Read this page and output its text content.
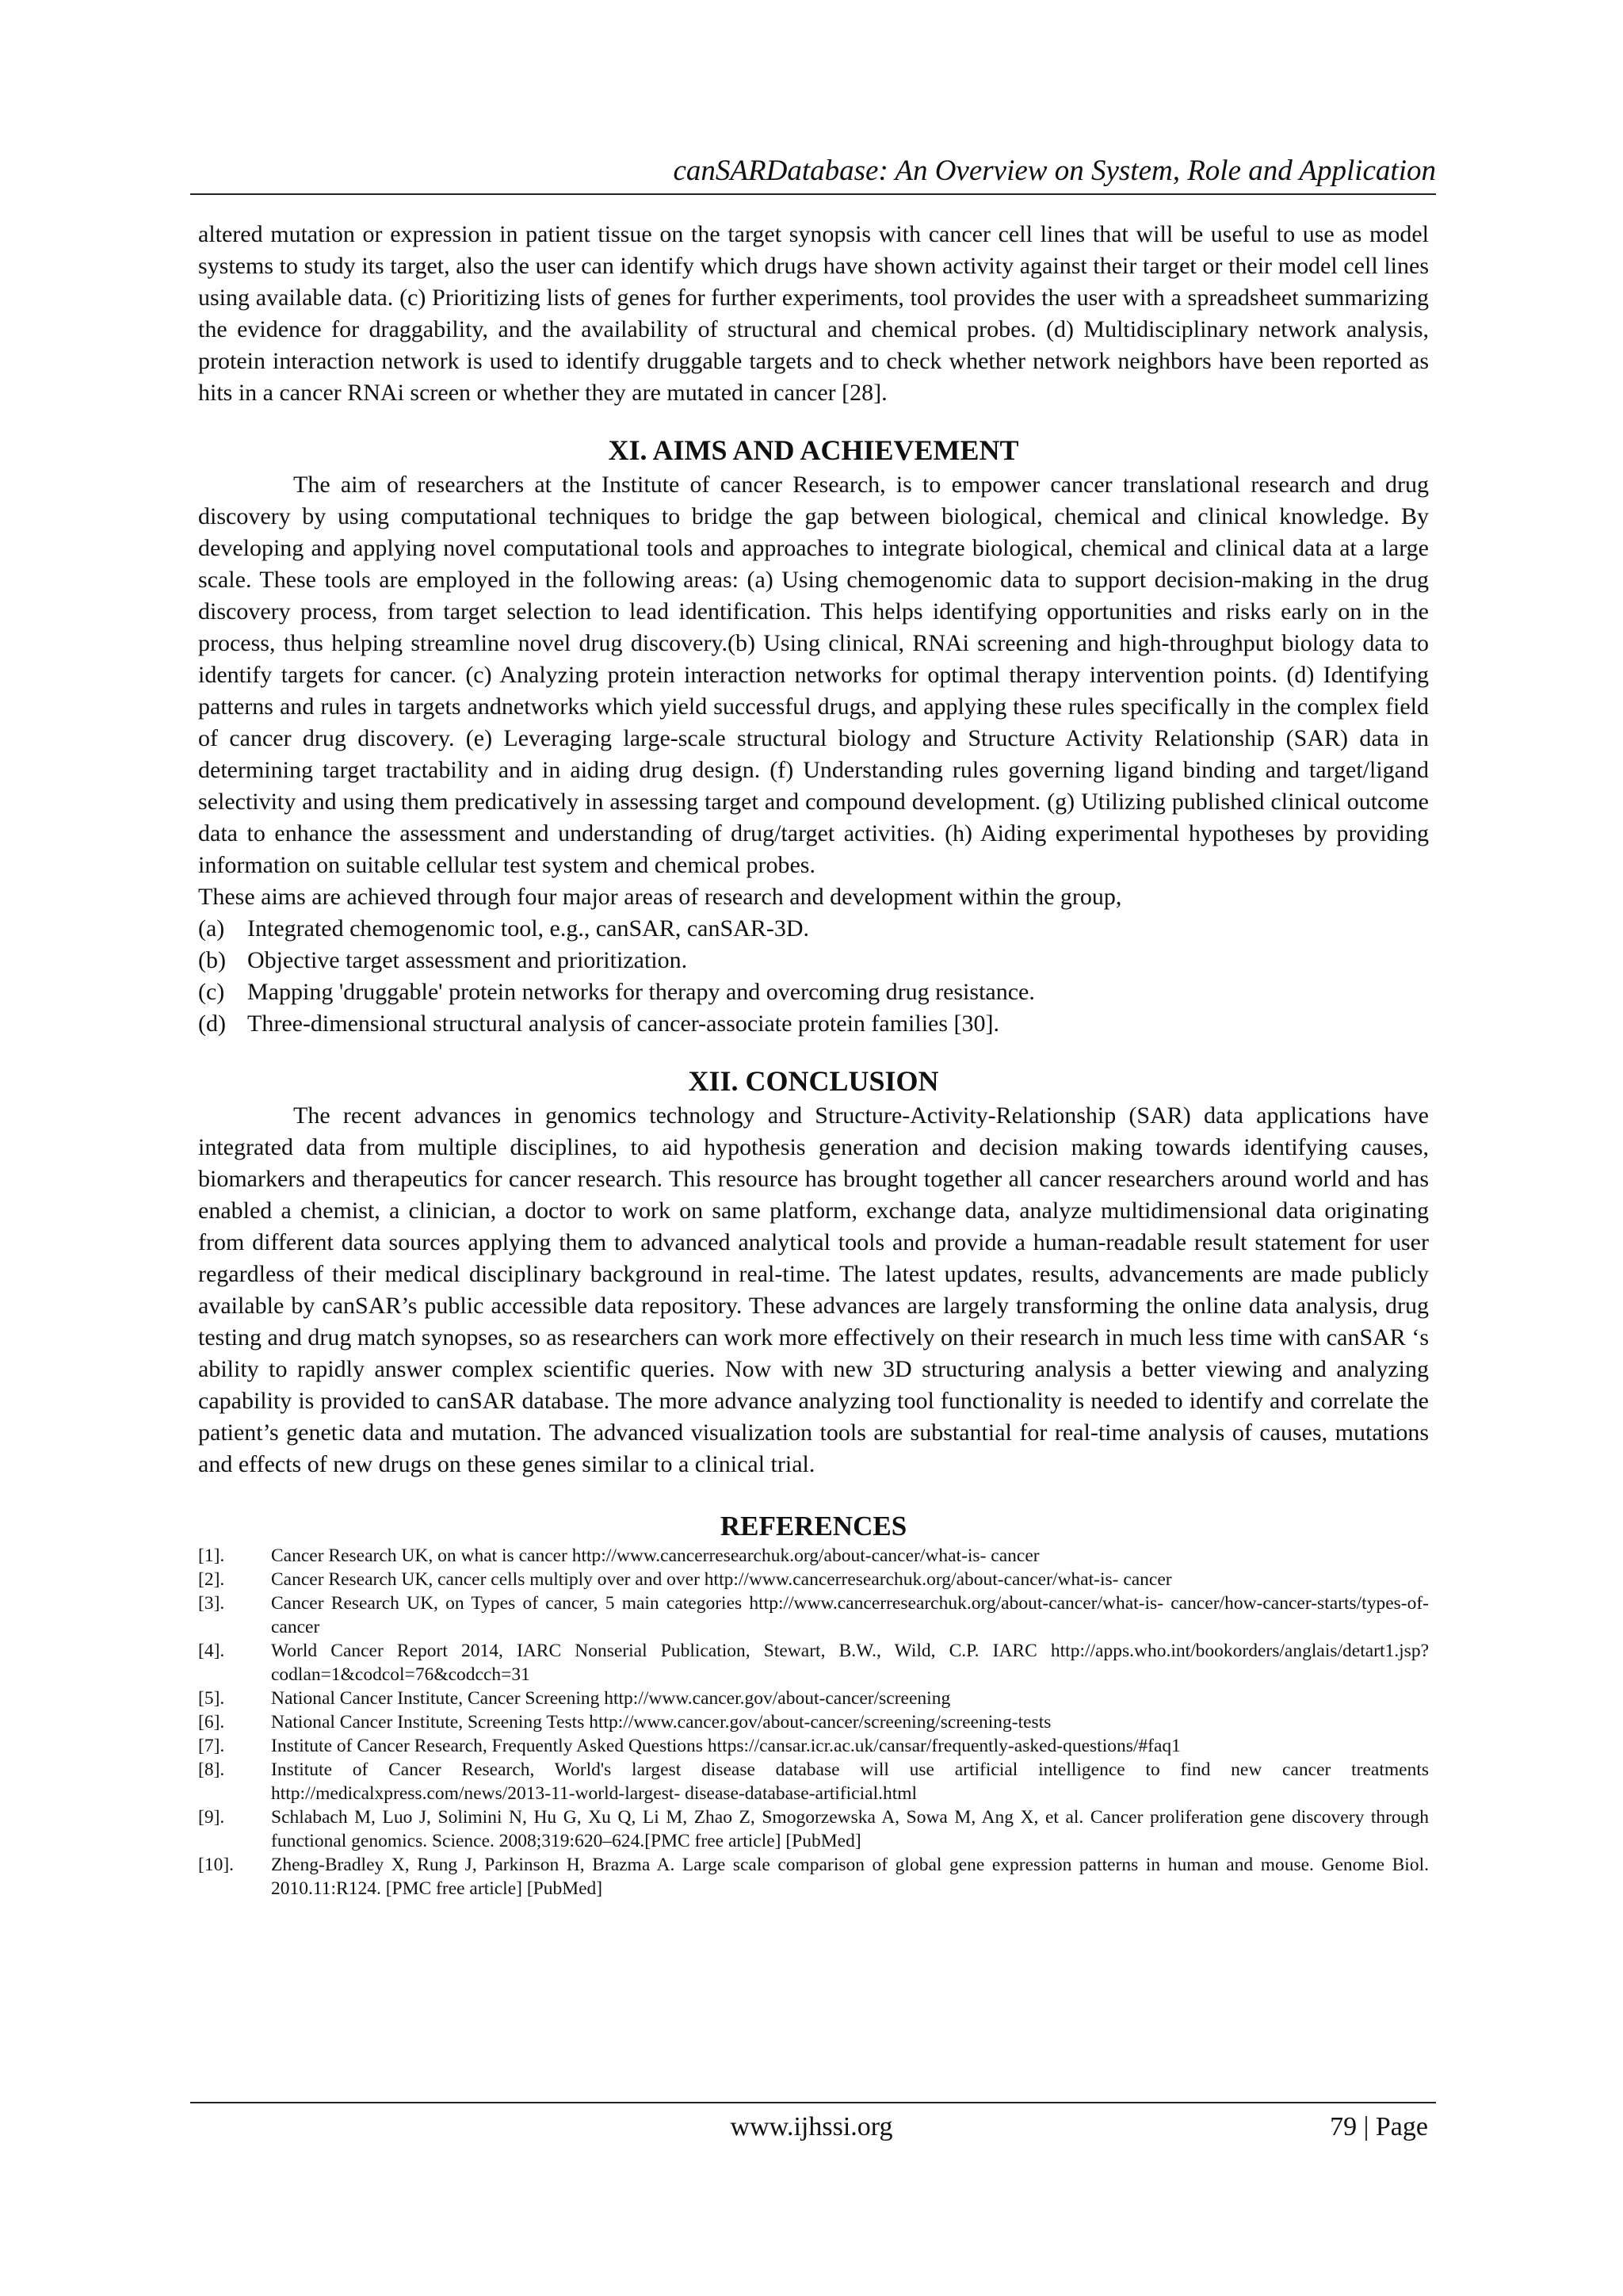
canSARDatabase: An Overview on System, Role and Application

altered mutation or expression in patient tissue on the target synopsis with cancer cell lines that will be useful to use as model systems to study its target, also the user can identify which drugs have shown activity against their target or their model cell lines using available data. (c) Prioritizing lists of genes for further experiments, tool provides the user with a spreadsheet summarizing the evidence for draggability, and the availability of structural and chemical probes. (d) Multidisciplinary network analysis, protein interaction network is used to identify druggable targets and to check whether network neighbors have been reported as hits in a cancer RNAi screen or whether they are mutated in cancer [28].

XI. AIMS AND ACHIEVEMENT

The aim of researchers at the Institute of cancer Research, is to empower cancer translational research and drug discovery by using computational techniques to bridge the gap between biological, chemical and clinical knowledge. By developing and applying novel computational tools and approaches to integrate biological, chemical and clinical data at a large scale. These tools are employed in the following areas: (a) Using chemogenomic data to support decision-making in the drug discovery process, from target selection to lead identification. This helps identifying opportunities and risks early on in the process, thus helping streamline novel drug discovery.(b) Using clinical, RNAi screening and high-throughput biology data to identify targets for cancer. (c) Analyzing protein interaction networks for optimal therapy intervention points. (d) Identifying patterns and rules in targets andnetworks which yield successful drugs, and applying these rules specifically in the complex field of cancer drug discovery. (e) Leveraging large-scale structural biology and Structure Activity Relationship (SAR) data in determining target tractability and in aiding drug design. (f) Understanding rules governing ligand binding and target/ligand selectivity and using them predicatively in assessing target and compound development. (g) Utilizing published clinical outcome data to enhance the assessment and understanding of drug/target activities. (h) Aiding experimental hypotheses by providing information on suitable cellular test system and chemical probes.

These aims are achieved through four major areas of research and development within the group,

(a) Integrated chemogenomic tool, e.g., canSAR, canSAR-3D.
(b) Objective target assessment and prioritization.
(c) Mapping 'druggable' protein networks for therapy and overcoming drug resistance.
(d) Three-dimensional structural analysis of cancer-associate protein families [30].
XII. CONCLUSION

The recent advances in genomics technology and Structure-Activity-Relationship (SAR) data applications have integrated data from multiple disciplines, to aid hypothesis generation and decision making towards identifying causes, biomarkers and therapeutics for cancer research. This resource has brought together all cancer researchers around world and has enabled a chemist, a clinician, a doctor to work on same platform, exchange data, analyze multidimensional data originating from different data sources applying them to advanced analytical tools and provide a human-readable result statement for user regardless of their medical disciplinary background in real-time. The latest updates, results, advancements are made publicly available by canSAR’s public accessible data repository. These advances are largely transforming the online data analysis, drug testing and drug match synopses, so as researchers can work more effectively on their research in much less time with canSAR ‘s ability to rapidly answer complex scientific queries. Now with new 3D structuring analysis a better viewing and analyzing capability is provided to canSAR database. The more advance analyzing tool functionality is needed to identify and correlate the patient’s genetic data and mutation. The advanced visualization tools are substantial for real-time analysis of causes, mutations and effects of new drugs on these genes similar to a clinical trial.

REFERENCES
[1]. Cancer Research UK, on what is cancer http://www.cancerresearchuk.org/about-cancer/what-is- cancer
[2]. Cancer Research UK, cancer cells multiply over and over http://www.cancerresearchuk.org/about-cancer/what-is- cancer
[3]. Cancer Research UK, on Types of cancer, 5 main categories http://www.cancerresearchuk.org/about-cancer/what-is- cancer/how-cancer-starts/types-of-cancer
[4]. World Cancer Report 2014, IARC Nonserial Publication, Stewart, B.W., Wild, C.P. IARC http://apps.who.int/bookorders/anglais/detart1.jsp?codlan=1&codcol=76&codcch=31
[5]. National Cancer Institute, Cancer Screening http://www.cancer.gov/about-cancer/screening
[6]. National Cancer Institute, Screening Tests http://www.cancer.gov/about-cancer/screening/screening-tests
[7]. Institute of Cancer Research, Frequently Asked Questions https://cansar.icr.ac.uk/cansar/frequently-asked-questions/#faq1
[8]. Institute of Cancer Research, World's largest disease database will use artificial intelligence to find new cancer treatments http://medicalxpress.com/news/2013-11-world-largest- disease-database-artificial.html
[9]. Schlabach M, Luo J, Solimini N, Hu G, Xu Q, Li M, Zhao Z, Smogorzewska A, Sowa M, Ang X, et al. Cancer proliferation gene discovery through functional genomics. Science. 2008;319:620–624.[PMC free article] [PubMed]
[10]. Zheng-Bradley X, Rung J, Parkinson H, Brazma A. Large scale comparison of global gene expression patterns in human and mouse. Genome Biol. 2010.11:R124. [PMC free article] [PubMed]
www.ijhssi.org	79 | Page
